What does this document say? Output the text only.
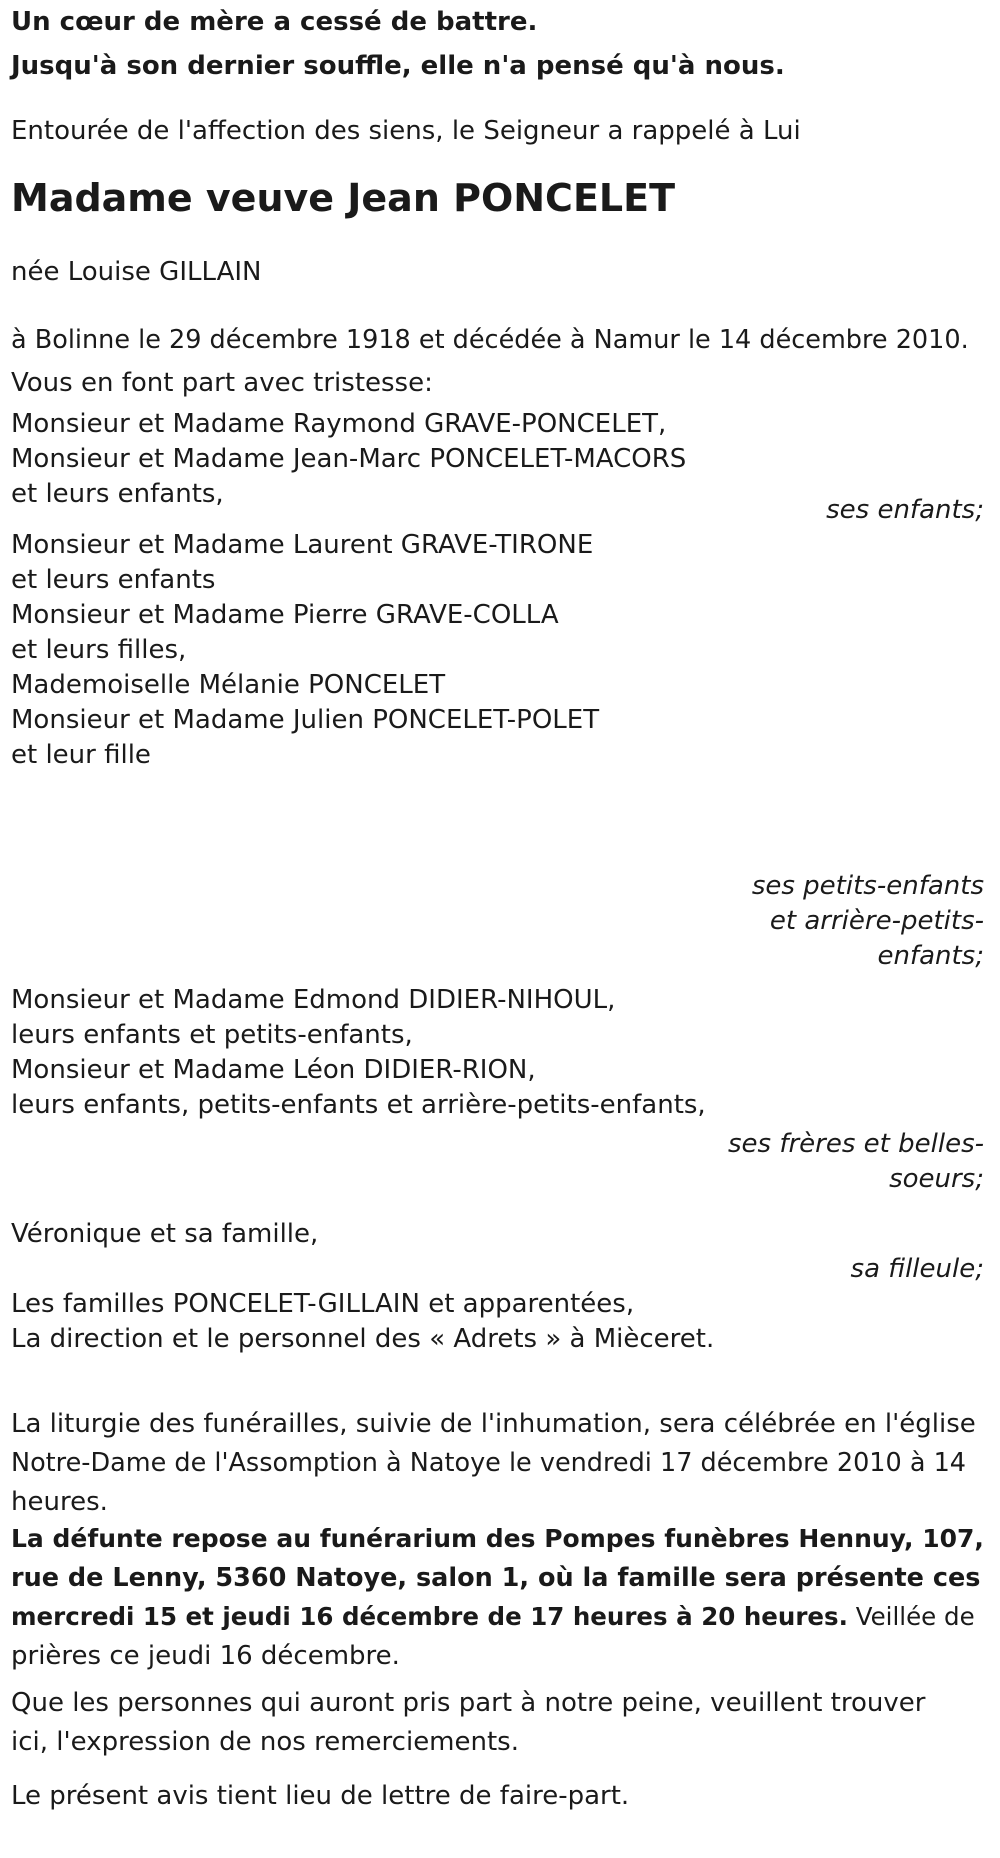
Un cœur de mère a cessé de battre.
Jusqu'à son dernier souffle, elle n'a pensé qu'à nous.
Entourée de l'affection des siens, le Seigneur a rappelé à Lui
Madame veuve Jean PONCELET
née Louise GILLAIN
à Bolinne le 29 décembre 1918 et décédée à Namur le 14 décembre 2010.
Vous en font part avec tristesse:
Monsieur et Madame Raymond GRAVE-PONCELET,
Monsieur et Madame Jean-Marc PONCELET-MACORS
et leurs enfants,
ses enfants;
Monsieur et Madame Laurent GRAVE-TIRONE
et leurs enfants
Monsieur et Madame Pierre GRAVE-COLLA
et leurs filles,
Mademoiselle Mélanie PONCELET
Monsieur et Madame Julien PONCELET-POLET
et leur fille
ses petits-enfants
et arrière-petits-
enfants;
Monsieur et Madame Edmond DIDIER-NIHOUL,
leurs enfants et petits-enfants,
Monsieur et Madame Léon DIDIER-RION,
leurs enfants, petits-enfants et arrière-petits-enfants,
ses frères et belles-
soeurs;
Véronique et sa famille,
sa filleule;
Les familles PONCELET-GILLAIN et apparentées,
La direction et le personnel des « Adrets » à Mièceret.
La liturgie des funérailles, suivie de l'inhumation, sera célébrée en l'église
Notre-Dame de l'Assomption à Natoye le vendredi 17 décembre 2010 à 14
heures.
La défunte repose au funérarium des Pompes funèbres Hennuy, 107,
rue de Lenny, 5360 Natoye, salon 1, où la famille sera présente ces
mercredi 15 et jeudi 16 décembre de 17 heures à 20 heures. Veillée de
prières ce jeudi 16 décembre.
Que les personnes qui auront pris part à notre peine, veuillent trouver
ici, l'expression de nos remerciements.
Le présent avis tient lieu de lettre de faire-part.
